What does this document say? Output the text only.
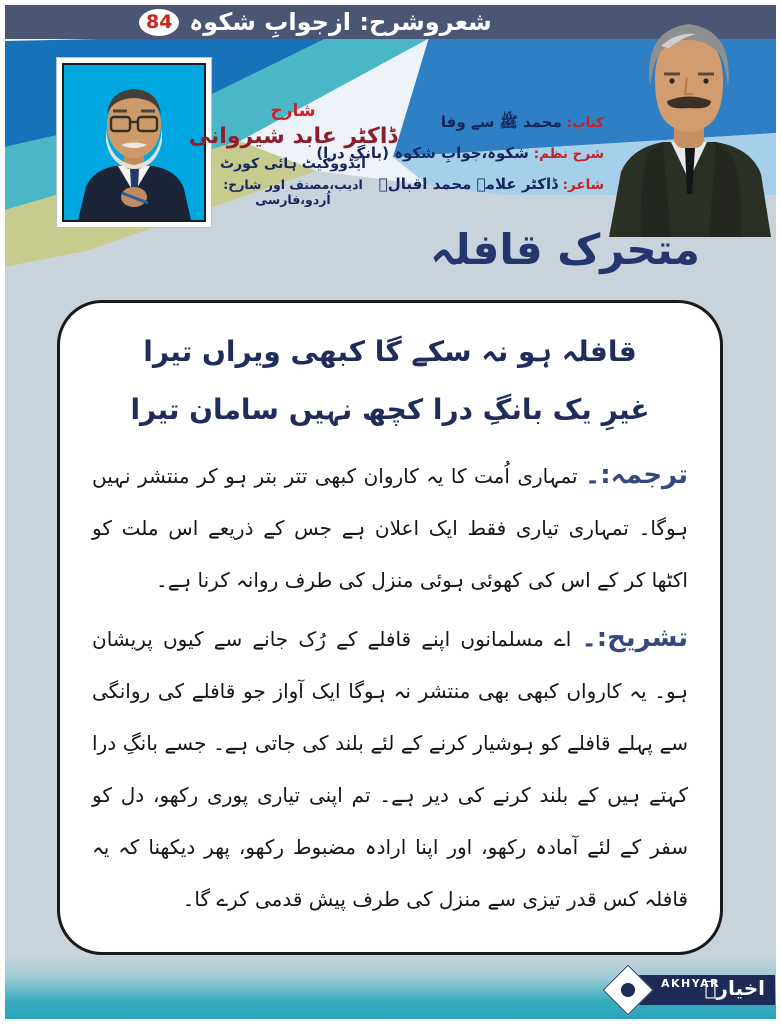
شعروشرح: ازجوابِ شکوہ
84
شارح
ڈاکٹر عابد شیروانی
ایڈووکیٹ ہائی کورٹ
ادیب،مصنف اور شارح: اُردو،فارسی
کتاب: محمد ﷺ سے وفا
شرح نظم: شکوہ،جوابِ شکوہ (بانگِ درا)
شاعر: ڈاکٹر علامہ محمد اقبالؒ
متحرک قافلہ
قافلہ ہو نہ سکے گا کبھی ویراں تیرا
غیرِ یک بانگِ درا کچھ نہیں سامان تیرا

ترجمہ:۔ تمہاری اُمت کا یہ کاروان کبھی تتر بتر ہو کر منتشر نہیں ہوگا۔ تمہاری تیاری فقط ایک اعلان ہے جس کے ذریعے اس ملت کو اکٹھا کر کے اس کی کھوئی ہوئی منزل کی طرف روانہ کرنا ہے۔

تشریح:۔ اے مسلمانوں اپنے قافلے کے رُک جانے سے کیوں پریشان ہو۔ یہ کارواں کبھی بھی منتشر نہ ہوگا ایک آواز جو قافلے کی روانگی سے پہلے قافلے کو ہوشیار کرنے کے لئے بلند کی جاتی ہے۔ جسے بانگِ درا کہتے ہیں کے بلند کرنے کی دیر ہے۔ تم اپنی تیاری پوری رکھو، دل کو سفر کے لئے آمادہ رکھو، اور اپنا ارادہ مضبوط رکھو، پھر دیکھنا کہ یہ قافلہ کس قدر تیزی سے منزل کی طرف پیش قدمی کرے گا۔

اخیارؔ
AKHYAR
